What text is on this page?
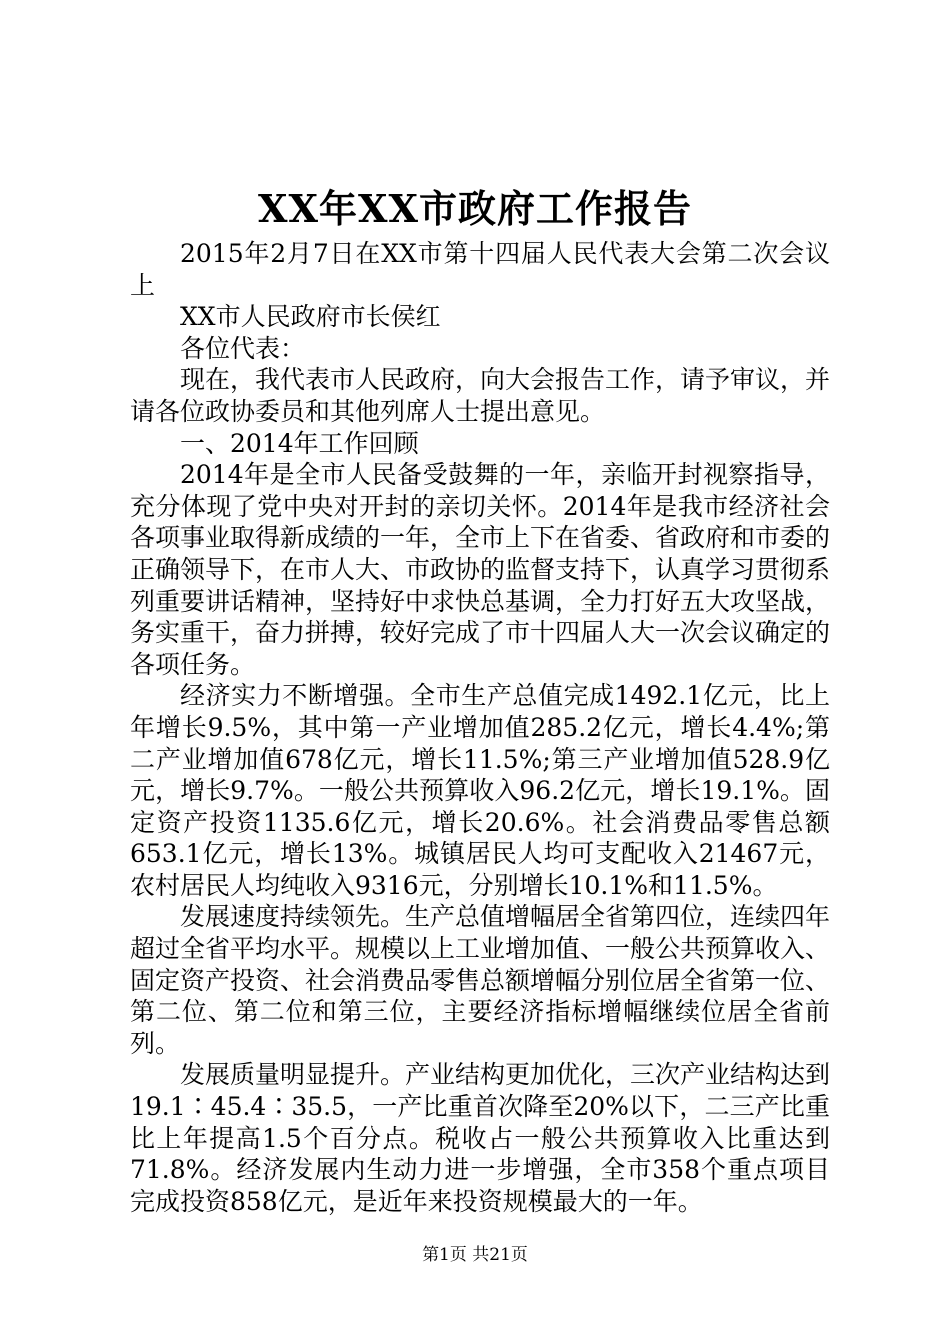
XX年XX市政府工作报告

2015年2月7日在XX市第十四届人民代表大会第二次会议上

XX市人民政府市长侯红

各位代表：

现在，我代表市人民政府，向大会报告工作，请予审议，并请各位政协委员和其他列席人士提出意见。

一、2014年工作回顾

2014年是全市人民备受鼓舞的一年，亲临开封视察指导，充分体现了党中央对开封的亲切关怀。2014年是我市经济社会各项事业取得新成绩的一年，全市上下在省委、省政府和市委的正确领导下，在市人大、市政协的监督支持下，认真学习贯彻系列重要讲话精神，坚持好中求快总基调，全力打好五大攻坚战，务实重干，奋力拼搏，较好完成了市十四届人大一次会议确定的各项任务。

经济实力不断增强。全市生产总值完成1492.1亿元，比上年增长9.5%，其中第一产业增加值285.2亿元，增长4.4%;第二产业增加值678亿元，增长11.5%;第三产业增加值528.9亿元，增长9.7%。一般公共预算收入96.2亿元，增长19.1%。固定资产投资1135.6亿元，增长20.6%。社会消费品零售总额653.1亿元，增长13%。城镇居民人均可支配收入21467元，农村居民人均纯收入9316元，分别增长10.1%和11.5%。

发展速度持续领先。生产总值增幅居全省第四位，连续四年超过全省平均水平。规模以上工业增加值、一般公共预算收入、固定资产投资、社会消费品零售总额增幅分别位居全省第一位、第二位、第二位和第三位，主要经济指标增幅继续位居全省前列。

发展质量明显提升。产业结构更加优化，三次产业结构达到19.1∶45.4∶35.5，一产比重首次降至20%以下，二三产比重比上年提高1.5个百分点。税收占一般公共预算收入比重达到71.8%。经济发展内生动力进一步增强，全市358个重点项目完成投资858亿元，是近年来投资规模最大的一年。

第1页 共21页
